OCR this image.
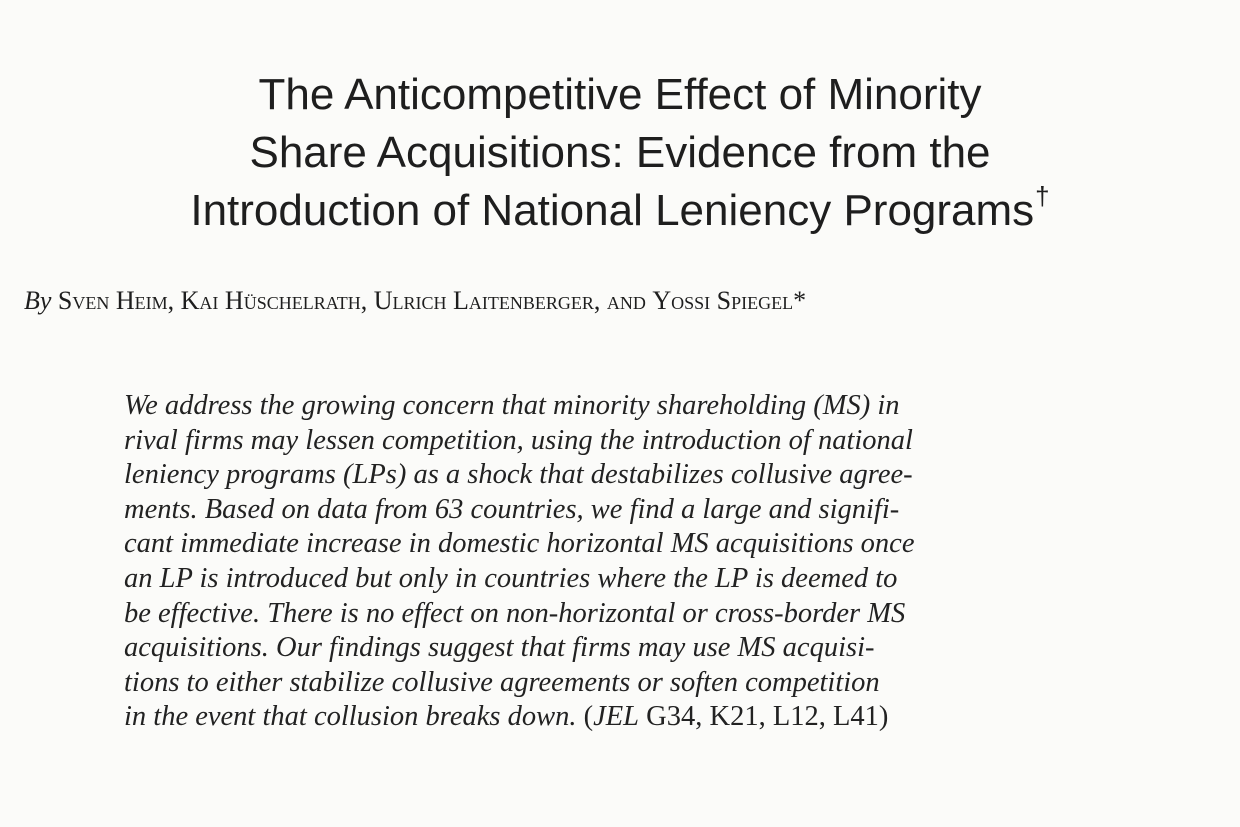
The Anticompetitive Effect of Minority
Share Acquisitions: Evidence from the
Introduction of National Leniency Programs†
By Sven Heim, Kai Hüschelrath, Ulrich Laitenberger, and Yossi Spiegel*
We address the growing concern that minority shareholding (MS) in
rival firms may lessen competition, using the introduction of national
leniency programs (LPs) as a shock that destabilizes collusive agree-
ments. Based on data from 63 countries, we find a large and signifi-
cant immediate increase in domestic horizontal MS acquisitions once
an LP is introduced but only in countries where the LP is deemed to
be effective. There is no effect on non-horizontal or cross-border MS
acquisitions. Our findings suggest that firms may use MS acquisi-
tions to either stabilize collusive agreements or soften competition
in the event that collusion breaks down. (JEL G34, K21, L12, L41)
